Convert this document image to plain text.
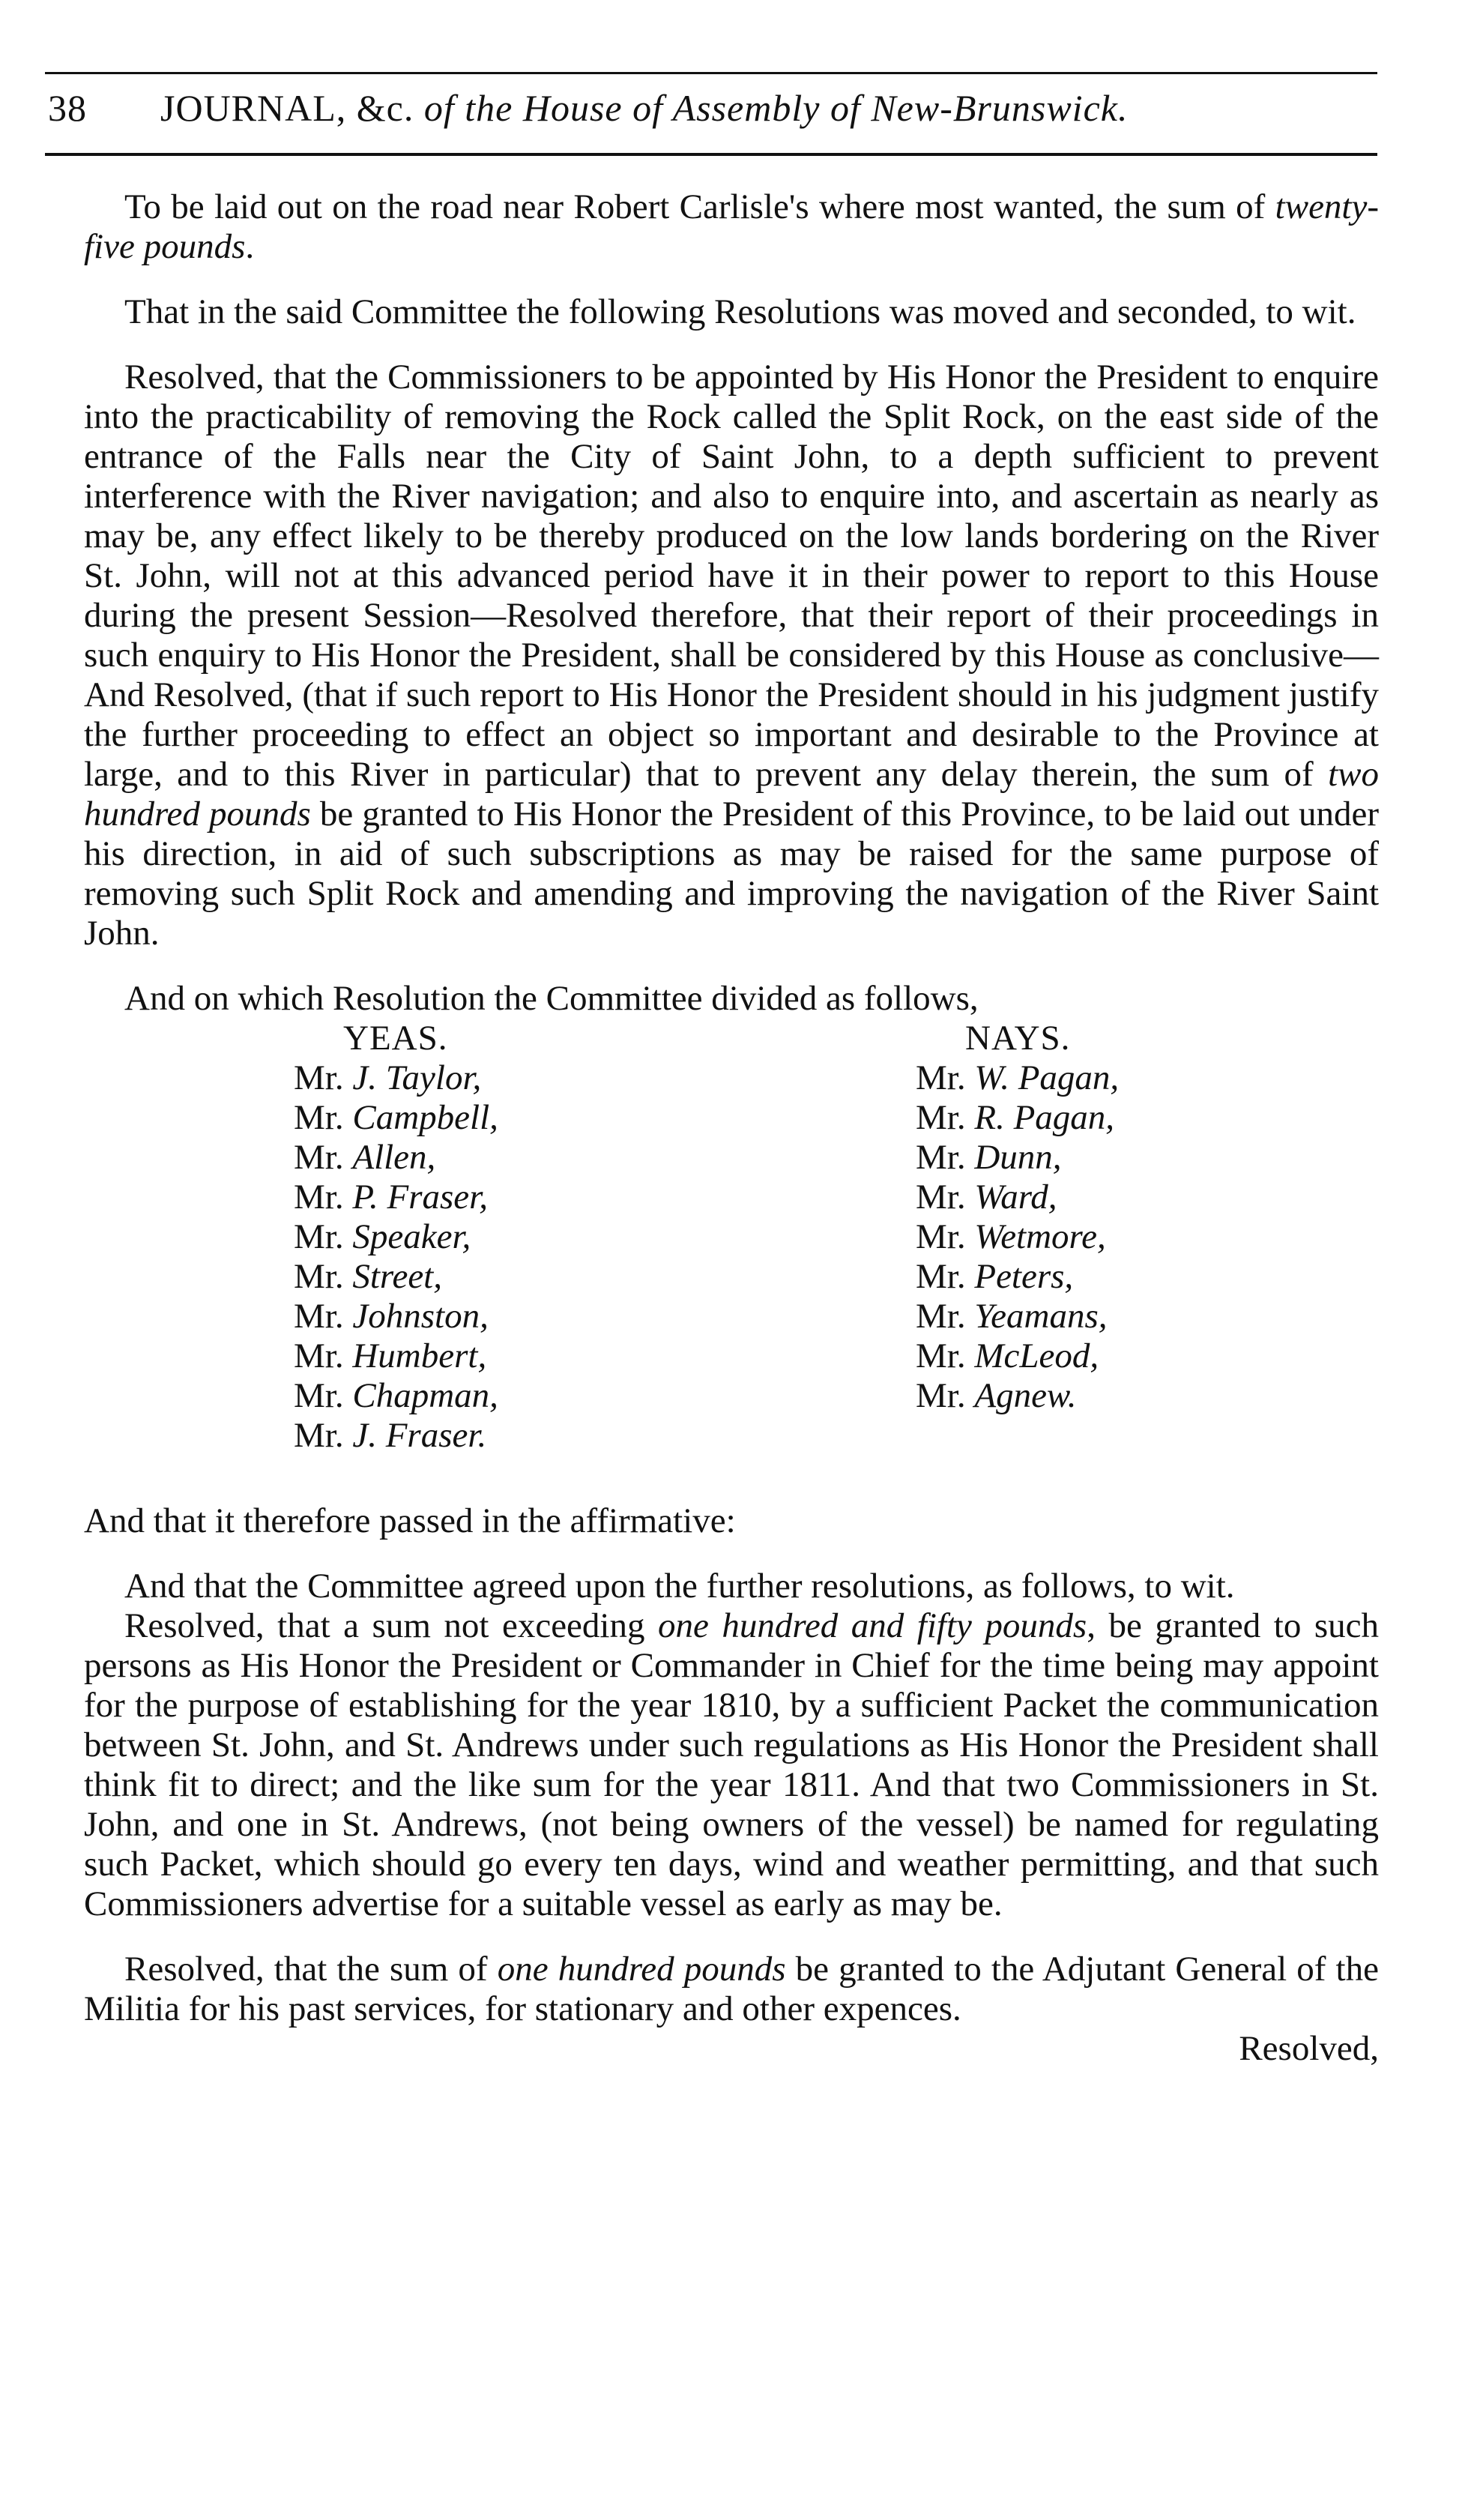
38 JOURNAL, &c. of the House of Assembly of New-Brunswick.

To be laid out on the road near Robert Carlisle's where most wanted, the sum of twenty-five pounds.

That in the said Committee the following Resolutions was moved and seconded, to wit.

Resolved, that the Commissioners to be appointed by His Honor the President to enquire into the practicability of removing the Rock called the Split Rock, on the east side of the entrance of the Falls near the City of Saint John, to a depth sufficient to prevent interference with the River navigation; and also to enquire into, and ascertain as nearly as may be, any effect likely to be thereby produced on the low lands bordering on the River St. John, will not at this advanced period have it in their power to report to this House during the present Session—Resolved therefore, that their report of their proceedings in such enquiry to His Honor the President, shall be considered by this House as conclusive—And Resolved, (that if such report to His Honor the President should in his judgment justify the further proceeding to effect an object so important and desirable to the Province at large, and to this River in particular) that to prevent any delay therein, the sum of two hundred pounds be granted to His Honor the President of this Province, to be laid out under his direction, in aid of such subscriptions as may be raised for the same purpose of removing such Split Rock and amending and improving the navigation of the River Saint John.

And on which Resolution the Committee divided as follows,

YEAS.
Mr. J. Taylor,
Mr. Campbell,
Mr. Allen,
Mr. P. Fraser,
Mr. Speaker,
Mr. Street,
Mr. Johnston,
Mr. Humbert,
Mr. Chapman,
Mr. J. Fraser.
NAYS.
Mr. W. Pagan,
Mr. R. Pagan,
Mr. Dunn,
Mr. Ward,
Mr. Wetmore,
Mr. Peters,
Mr. Yeamans,
Mr. McLeod,
Mr. Agnew.

And that it therefore passed in the affirmative:

And that the Committee agreed upon the further resolutions, as follows, to wit.

Resolved, that a sum not exceeding one hundred and fifty pounds, be granted to such persons as His Honor the President or Commander in Chief for the time being may appoint for the purpose of establishing for the year 1810, by a sufficient Packet the communication between St. John, and St. Andrews under such regulations as His Honor the President shall think fit to direct; and the like sum for the year 1811. And that two Commissioners in St. John, and one in St. Andrews, (not being owners of the vessel) be named for regulating such Packet, which should go every ten days, wind and weather permitting, and that such Commissioners advertise for a suitable vessel as early as may be.

Resolved, that the sum of one hundred pounds be granted to the Adjutant General of the Militia for his past services, for stationary and other expences.

Resolved,
